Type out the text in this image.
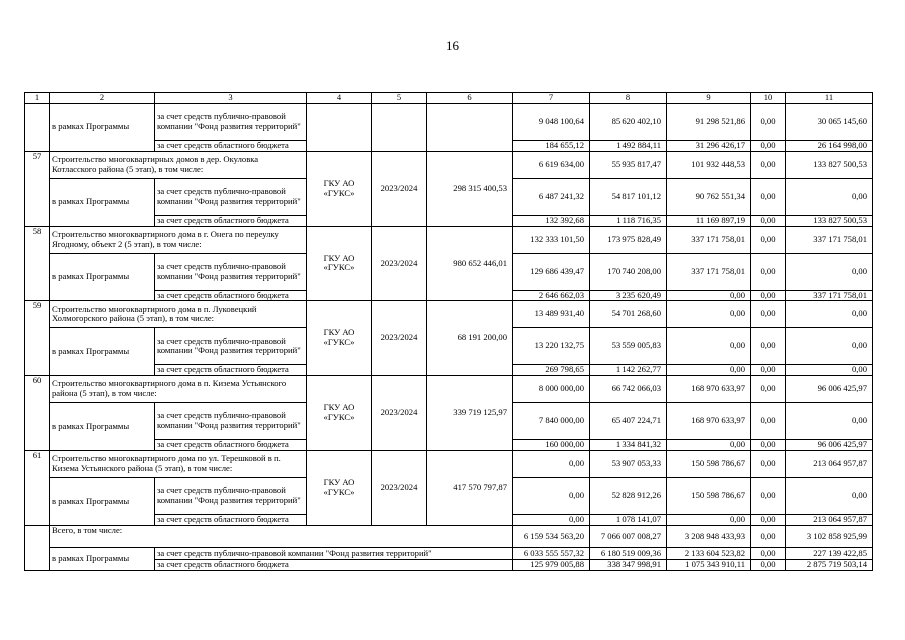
16
1	2	3	4	5	6	7	8	9	10	11
	в рамках Программы	за счет средств публично-правовой компании "Фонд развития территорий"				9 048 100,64	85 620 402,10	91 298 521,86	0,00	30 065 145,60
		за счет средств областного бюджета				184 655,12	1 492 884,11	31 296 426,17	0,00	26 164 998,00
57	Строительство многоквартирных домов в дер. Окуловка Котласского района (5 этап), в том числе:		ГКУ АО «ГУКС»	2023/2024	298 315 400,53	6 619 634,00	55 935 817,47	101 932 448,53	0,00	133 827 500,53
	в рамках Программы	за счет средств публично-правовой компании "Фонд развития территорий"				6 487 241,32	54 817 101,12	90 762 551,34	0,00	0,00
		за счет средств областного бюджета				132 392,68	1 118 716,35	11 169 897,19	0,00	133 827 500,53
58	Строительство многоквартирного дома в г. Онега по переулку Ягодному, объект 2 (5 этап), в том числе:		ГКУ АО «ГУКС»	2023/2024	980 652 446,01	132 333 101,50	173 975 828,49	337 171 758,01	0,00	337 171 758,01
	в рамках Программы	за счет средств публично-правовой компании "Фонд развития территорий"				129 686 439,47	170 740 208,00	337 171 758,01	0,00	0,00
		за счет средств областного бюджета				2 646 662,03	3 235 620,49	0,00	0,00	337 171 758,01
59	Строительство многоквартирного дома в п. Луковецкий Холмогорского района (5 этап), в том числе:		ГКУ АО «ГУКС»	2023/2024	68 191 200,00	13 489 931,40	54 701 268,60	0,00	0,00	0,00
	в рамках Программы	за счет средств публично-правовой компании "Фонд развития территорий"				13 220 132,75	53 559 005,83	0,00	0,00	0,00
		за счет средств областного бюджета				269 798,65	1 142 262,77	0,00	0,00	0,00
60	Строительство многоквартирного дома в п. Кизема Устьянского района (5 этап), в том числе:		ГКУ АО «ГУКС»	2023/2024	339 719 125,97	8 000 000,00	66 742 066,03	168 970 633,97	0,00	96 006 425,97
	в рамках Программы	за счет средств публично-правовой компании "Фонд развития территорий"				7 840 000,00	65 407 224,71	168 970 633,97	0,00	0,00
		за счет средств областного бюджета				160 000,00	1 334 841,32	0,00	0,00	96 006 425,97
61	Строительство многоквартирного дома по ул. Терешковой в п. Кизема Устьянского района (5 этап), в том числе:		ГКУ АО «ГУКС»	2023/2024	417 570 797,87	0,00	53 907 053,33	150 598 786,67	0,00	213 064 957,87
	в рамках Программы	за счет средств публично-правовой компании "Фонд развития территорий"				0,00	52 828 912,26	150 598 786,67	0,00	0,00
		за счет средств областного бюджета				0,00	1 078 141,07	0,00	0,00	213 064 957,87
	Всего, в том числе:					6 159 534 563,20	7 066 007 008,27	3 208 948 433,93	0,00	3 102 858 925,99
	в рамках Программы	за счет средств публично-правовой компании "Фонд развития территорий"				6 033 555 557,32	6 180 519 009,36	2 133 604 523,82	0,00	227 139 422,85
		за счет средств областного бюджета				125 979 005,88	338 347 998,91	1 075 343 910,11	0,00	2 875 719 503,14
